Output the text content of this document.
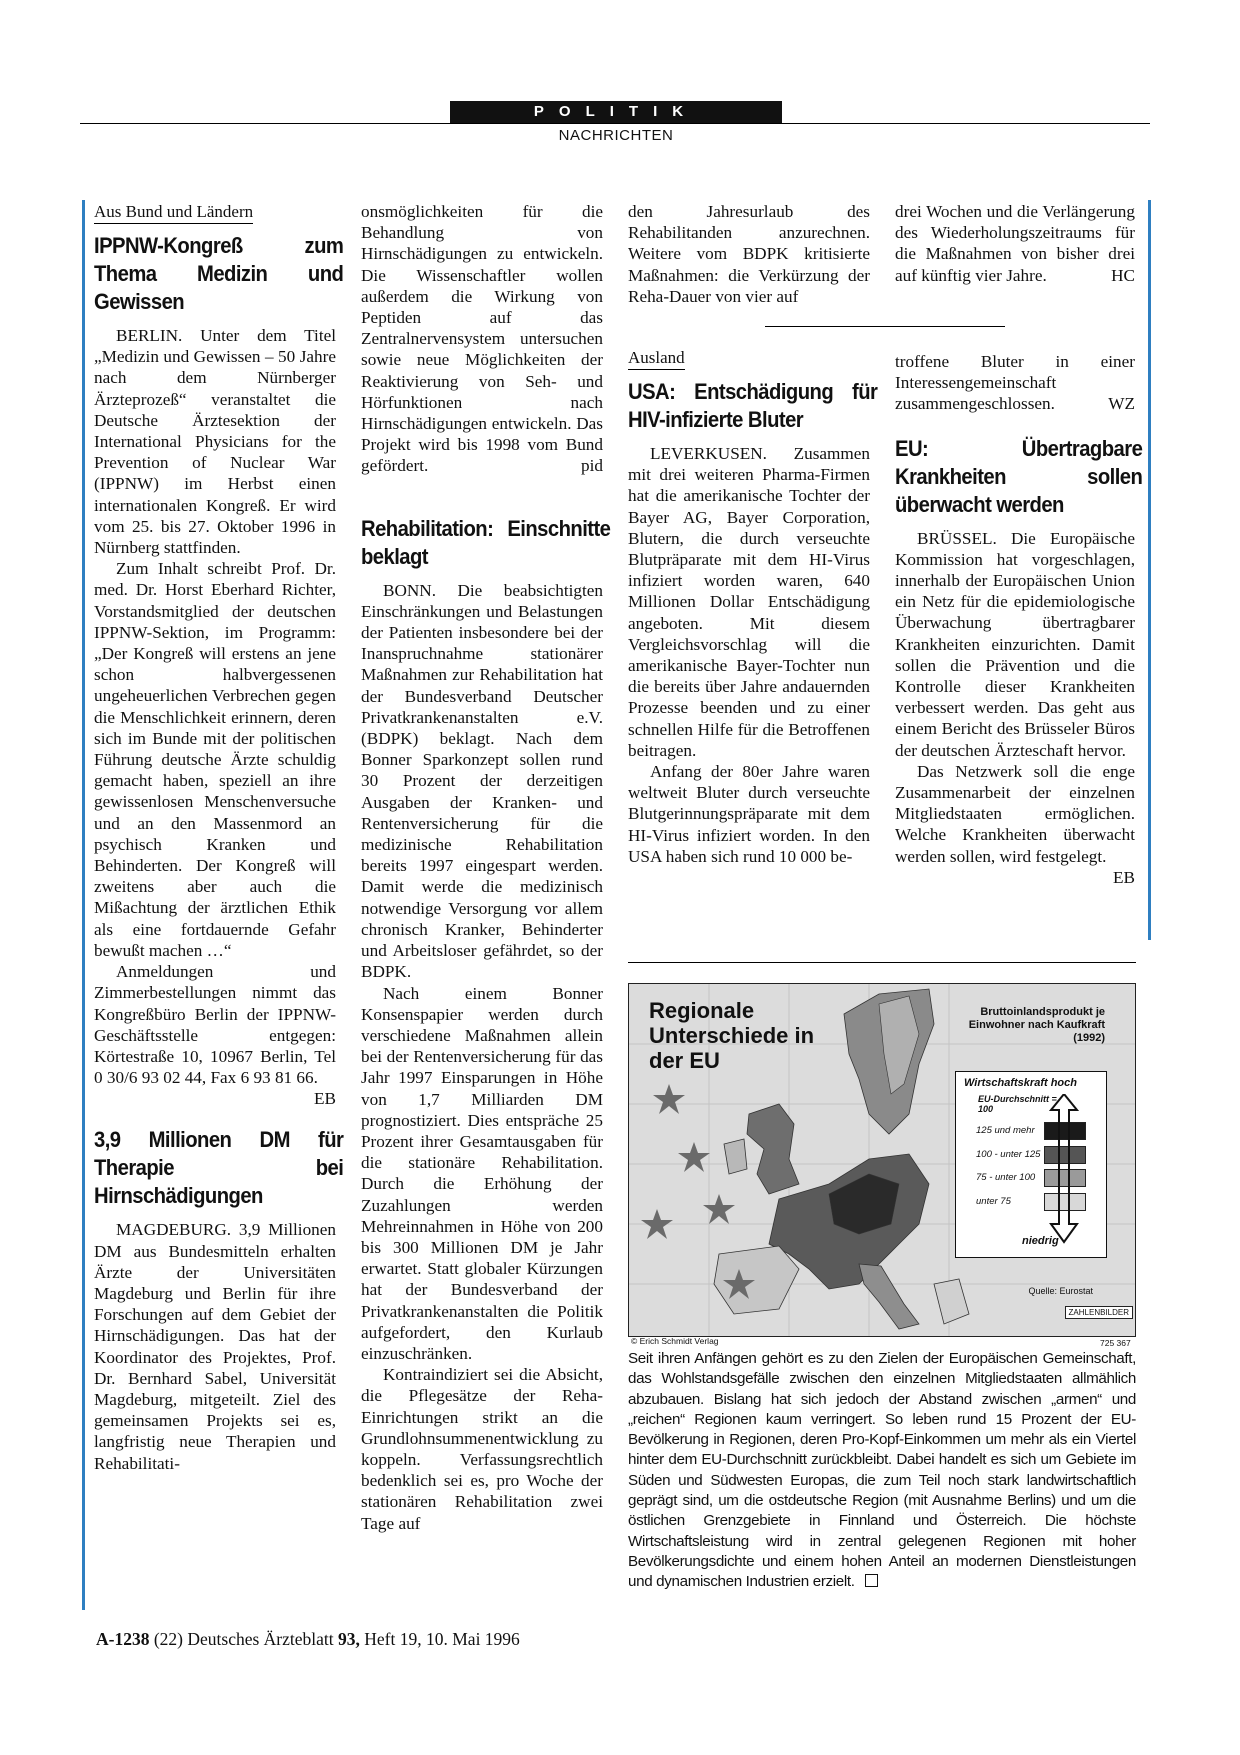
POLITIK
NACHRICHTEN
Aus Bund und Ländern
IPPNW-Kongreß zum Thema Medizin und Gewissen

BERLIN. Unter dem Titel „Medizin und Gewissen – 50 Jahre nach dem Nürnberger Ärzteprozeß“ veranstaltet die Deutsche Ärztesektion der International Physicians for the Prevention of Nuclear War (IPPNW) im Herbst einen internationalen Kongreß. Er wird vom 25. bis 27. Oktober 1996 in Nürnberg stattfinden.

Zum Inhalt schreibt Prof. Dr. med. Dr. Horst Eberhard Richter, Vorstandsmitglied der deutschen IPPNW-Sektion, im Programm: „Der Kongreß will erstens an jene schon halbvergessenen ungeheuerlichen Verbrechen gegen die Menschlichkeit erinnern, deren sich im Bunde mit der politischen Führung deutsche Ärzte schuldig gemacht haben, speziell an ihre gewissenlosen Menschenversuche und an den Massenmord an psychisch Kranken und Behinderten. Der Kongreß will zweitens aber auch die Mißachtung der ärztlichen Ethik als eine fortdauernde Gefahr bewußt machen …“

Anmeldungen und Zimmerbestellungen nimmt das Kongreßbüro Berlin der IPPNW-Geschäftsstelle entgegen: Körtestraße 10, 10967 Berlin, Tel 0 30/6 93 02 44, Fax 6 93 81 66.
EB

3,9 Millionen DM für Therapie bei Hirnschädigungen

MAGDEBURG. 3,9 Millionen DM aus Bundesmitteln erhalten Ärzte der Universitäten Magdeburg und Berlin für ihre Forschungen auf dem Gebiet der Hirnschädigungen. Das hat der Koordinator des Projektes, Prof. Dr. Bernhard Sabel, Universität Magdeburg, mitgeteilt. Ziel des gemeinsamen Projekts sei es, langfristig neue Therapien und Rehabilitati-

onsmöglichkeiten für die Behandlung von Hirnschädigungen zu entwickeln. Die Wissenschaftler wollen außerdem die Wirkung von Peptiden auf das Zentralnervensystem untersuchen sowie neue Möglichkeiten der Reaktivierung von Seh- und Hörfunktionen nach Hirnschädigungen entwickeln. Das Projekt wird bis 1998 vom Bund gefördert.	pid

Rehabilitation: Einschnitte beklagt

BONN. Die beabsichtigten Einschränkungen und Belastungen der Patienten insbesondere bei der Inanspruchnahme stationärer Maßnahmen zur Rehabilitation hat der Bundesverband Deutscher Privatkrankenanstalten e.V. (BDPK) beklagt. Nach dem Bonner Sparkonzept sollen rund 30 Prozent der derzeitigen Ausgaben der Kranken- und Rentenversicherung für die medizinische Rehabilitation bereits 1997 eingespart werden. Damit werde die medizinisch notwendige Versorgung vor allem chronisch Kranker, Behinderter und Arbeitsloser gefährdet, so der BDPK.

Nach einem Bonner Konsenspapier werden durch verschiedene Maßnahmen allein bei der Rentenversicherung für das Jahr 1997 Einsparungen in Höhe von 1,7 Milliarden DM prognostiziert. Dies entspräche 25 Prozent ihrer Gesamtausgaben für die stationäre Rehabilitation. Durch die Erhöhung der Zuzahlungen werden Mehreinnahmen in Höhe von 200 bis 300 Millionen DM je Jahr erwartet. Statt globaler Kürzungen hat der Bundesverband der Privatkrankenanstalten die Politik aufgefordert, den Kurlaub einzuschränken.

Kontraindiziert sei die Absicht, die Pflegesätze der Reha-Einrichtungen strikt an die Grundlohnsummenentwicklung zu koppeln. Verfassungsrechtlich bedenklich sei es, pro Woche der stationären Rehabilitation zwei Tage auf

den Jahresurlaub des Rehabilitanden anzurechnen. Weitere vom BDPK kritisierte Maßnahmen: die Verkürzung der Reha-Dauer von vier auf

Ausland
USA: Entschädigung für HIV-infizierte Bluter

LEVERKUSEN. Zusammen mit drei weiteren Pharma-Firmen hat die amerikanische Tochter der Bayer AG, Bayer Corporation, Blutern, die durch verseuchte Blutpräparate mit dem HI-Virus infiziert worden waren, 640 Millionen Dollar Entschädigung angeboten. Mit diesem Vergleichsvorschlag will die amerikanische Bayer-Tochter nun die bereits über Jahre andauernden Prozesse beenden und zu einer schnellen Hilfe für die Betroffenen beitragen.

Anfang der 80er Jahre waren weltweit Bluter durch verseuchte Blutgerinnungspräparate mit dem HI-Virus infiziert worden. In den USA haben sich rund 10 000 be-

drei Wochen und die Verlängerung des Wiederholungszeitraums für die Maßnahmen von bisher drei auf künftig vier Jahre.	HC

troffene Bluter in einer Interessengemeinschaft zusammengeschlossen.	WZ

EU: Übertragbare Krankheiten sollen überwacht werden

BRÜSSEL. Die Europäische Kommission hat vorgeschlagen, innerhalb der Europäischen Union ein Netz für die epidemiologische Überwachung übertragbarer Krankheiten einzurichten. Damit sollen die Prävention und die Kontrolle dieser Krankheiten verbessert werden. Das geht aus einem Bericht des Brüsseler Büros der deutschen Ärzteschaft hervor.

Das Netzwerk soll die enge Zusammenarbeit der einzelnen Mitgliedstaaten ermöglichen. Welche Krankheiten überwacht werden sollen, wird festgelegt.
EB

Regionale Unterschiede in der EU
Bruttoinlandsprodukt je Einwohner nach Kaufkraft (1992)
Wirtschaftskraft hoch
EU-Durchschnitt = 100
125 und mehr
100 - unter 125
75 - unter 100
unter 75
niedrig
Quelle: Eurostat
ZAHLENBILDER
© Erich Schmidt Verlag	725 367
Seit ihren Anfängen gehört es zu den Zielen der Europäischen Gemeinschaft, das Wohlstandsgefälle zwischen den einzelnen Mitgliedstaaten allmählich abzubauen. Bislang hat sich jedoch der Abstand zwischen „armen“ und „reichen“ Regionen kaum verringert. So leben rund 15 Prozent der EU-Bevölkerung in Regionen, deren Pro-Kopf-Einkommen um mehr als ein Viertel hinter dem EU-Durchschnitt zurückbleibt. Dabei handelt es sich um Gebiete im Süden und Südwesten Europas, die zum Teil noch stark landwirtschaftlich geprägt sind, um die ostdeutsche Region (mit Ausnahme Berlins) und um die östlichen Grenzgebiete in Finnland und Österreich. Die höchste Wirtschaftsleistung wird in zentral gelegenen Regionen mit hoher Bevölkerungsdichte und einem hohen Anteil an modernen Dienstleistungen und dynamischen Industrien erzielt.
A-1238 (22) Deutsches Ärzteblatt 93, Heft 19, 10. Mai 1996
